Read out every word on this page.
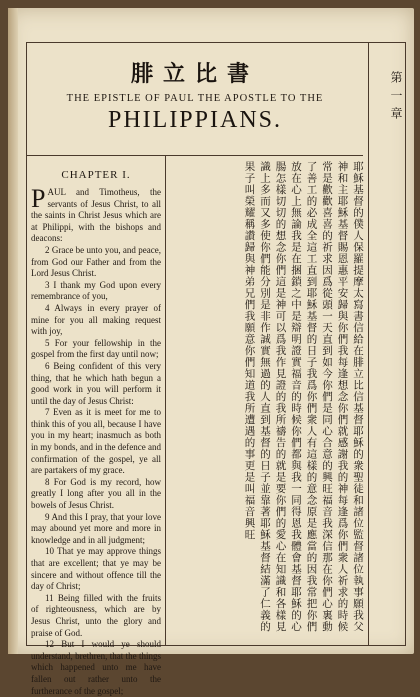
腓立比書
THE EPISTLE OF PAUL THE APOSTLE TO THE
PHILIPPIANS.
CHAPTER I.

PAUL and Timotheus, the servants of Jesus Christ, to all the saints in Christ Jesus which are at Philippi, with the bishops and deacons:

2 Grace be unto you, and peace, from God our Father and from the Lord Jesus Christ.

3 I thank my God upon every remembrance of you,

4 Always in every prayer of mine for you all making request with joy,

5 For your fellowship in the gospel from the first day until now;

6 Being confident of this very thing, that he which hath begun a good work in you will perform it until the day of Jesus Christ:

7 Even as it is meet for me to think this of you all, because I have you in my heart; inasmuch as both in my bonds, and in the defence and confirmation of the gospel, ye all are partakers of my grace.

8 For God is my record, how greatly I long after you all in the bowels of Jesus Christ.

9 And this I pray, that your love may abound yet more and more in knowledge and in all judgment;

10 That ye may approve things that are excellent; that ye may be sincere and without offence till the day of Christ;

11 Being filled with the fruits of righteousness, which are by Jesus Christ, unto the glory and praise of God.

12 But I would ye should understand, brethren, that the things which happened unto me have fallen out rather unto the furtherance of the gospel;

耶穌基督的僕人保羅提摩太寫書信給在腓立比信基督耶穌的衆聖徒和諸位監督諸位執事願我父神和主耶穌基督賜恩惠平安歸與你們我每逢想念你們就感謝我的神每逢爲你們衆人祈求的時候常是歡歡喜喜的祈求因爲從頭一天直到如今你們是同心合意的興旺福音我深信那在你們心裏動了善工的必成全這工直到耶穌基督的日子我爲你們衆人有這樣的意念原是應當的因我常把你們放在心上無論我是在捆鎖之中是辯明證實福音的時候你們都與我一同得恩我體會基督耶穌的心腸怎樣切切的想念你們這是神可以爲我作見證的我所禱告的就是要你們的愛心在知識和各樣見識上多而又多使你們能分別是非作誠實無過的人直到基督的日子並靠著耶穌基督結滿了仁義的果子叫榮耀稱讚歸與神弟兄們我願意你們知道我所遭遇的事更是叫福音興旺

第一章
